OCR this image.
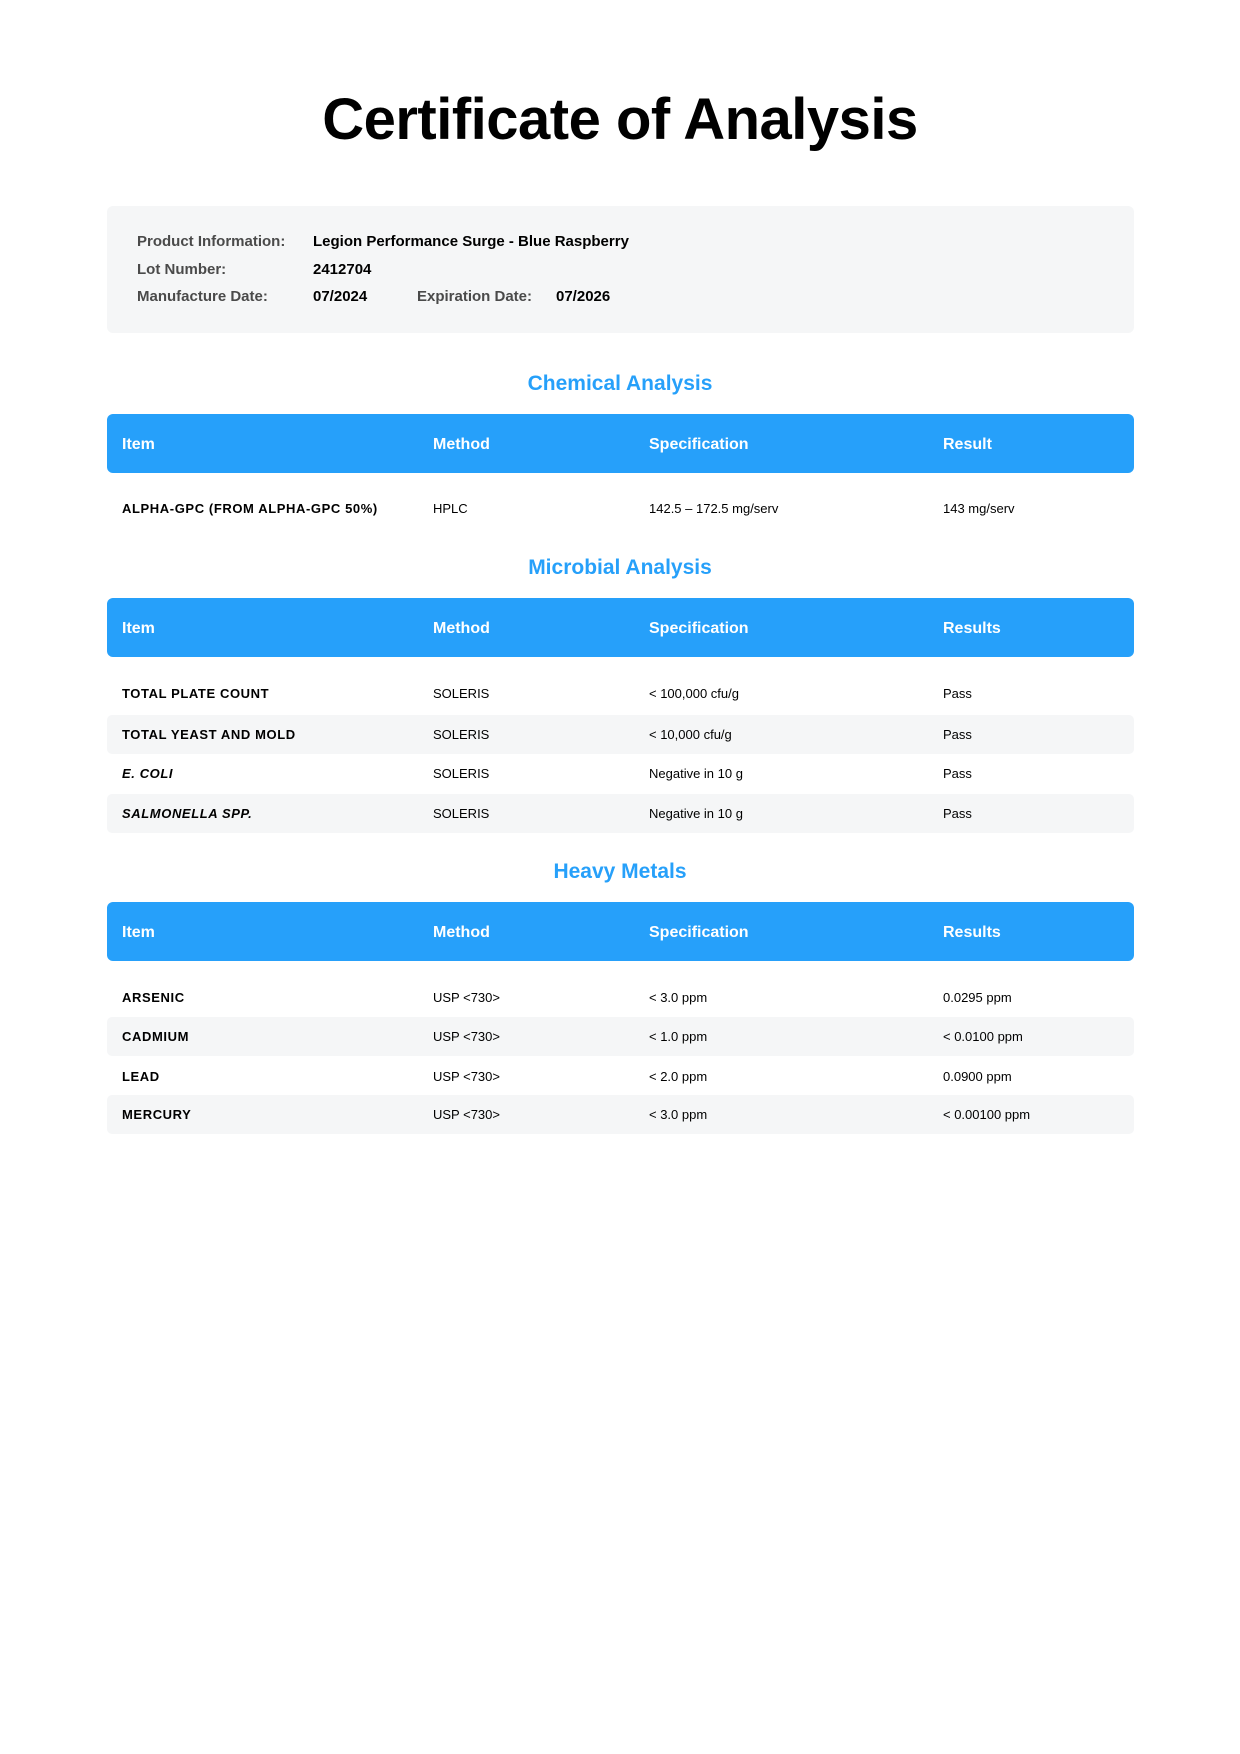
Certificate of Analysis
Product Information: Legion Performance Surge - Blue Raspberry
Lot Number:	2412704
Manufacture Date:	07/2024	Expiration Date: 07/2026
Chemical Analysis
Item	Method	Specification	Result
ALPHA-GPC (FROM ALPHA-GPC 50%)	HPLC	142.5 – 172.5 mg/serv	143 mg/serv
Microbial Analysis
Item	Method	Specification	Results
TOTAL PLATE COUNT	SOLERIS	< 100,000 cfu/g	Pass
TOTAL YEAST AND MOLD	SOLERIS	< 10,000 cfu/g	Pass
E. COLI	SOLERIS	Negative in 10 g	Pass
SALMONELLA SPP.	SOLERIS	Negative in 10 g	Pass
Heavy Metals
Item	Method	Specification	Results
ARSENIC	USP <730>	< 3.0 ppm	0.0295 ppm
CADMIUM	USP <730>	< 1.0 ppm	< 0.0100 ppm
LEAD	USP <730>	< 2.0 ppm	0.0900 ppm
MERCURY	USP <730>	< 3.0 ppm	< 0.00100 ppm
